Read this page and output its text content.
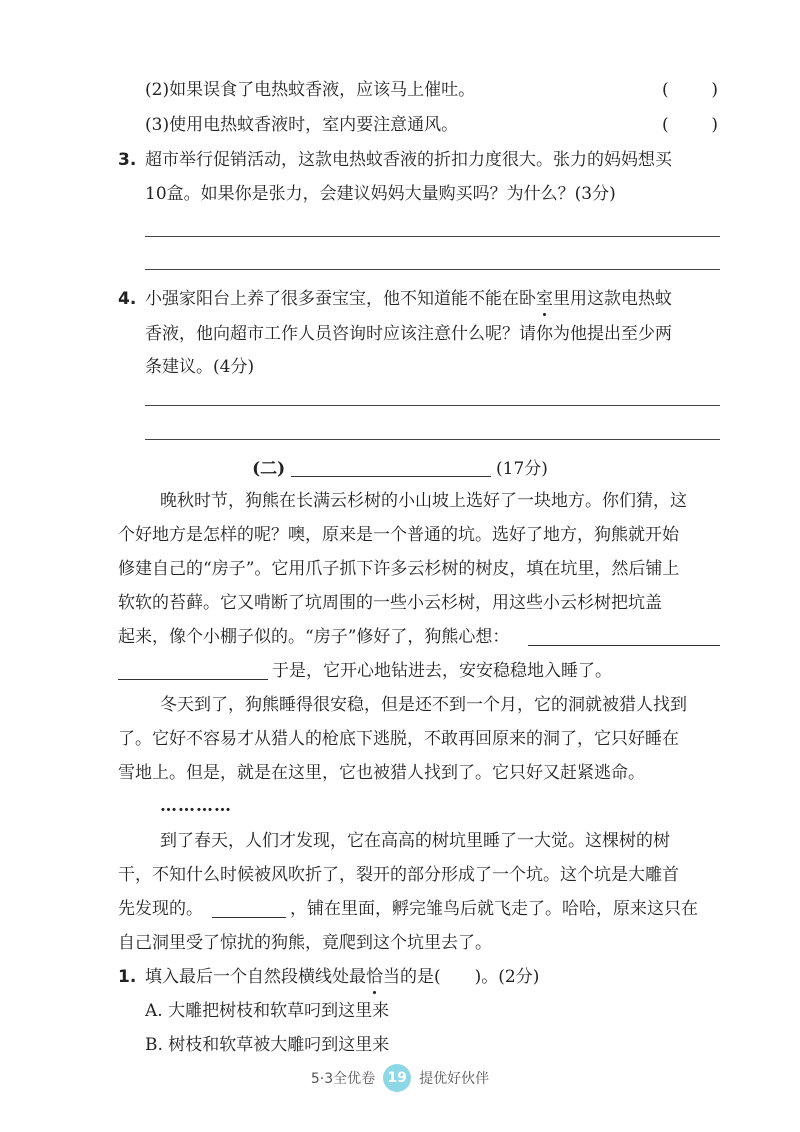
(2)如果误食了电热蚊香液，应该马上催吐。	(	)
(3)使用电热蚊香液时，室内要注意通风。	(	)
3. 超市举行促销活动，这款电热蚊香液的折扣力度很大。张力的妈妈想买
10盒。如果你是张力，会建议妈妈大量购买吗？为什么？(3分)
4. 小强家阳台上养了很多蚕宝宝，他不知道能不能在卧室里用这款电热蚊
香液，他向超市工作人员咨询时应该注意什么呢？请你为他提出至少两
条建议。(4分)
(二)	(17分)
晚秋时节，狗熊在长满云杉树的小山坡上选好了一块地方。你们猜，这
个好地方是怎样的呢？噢，原来是一个普通的坑。选好了地方，狗熊就开始
修建自己的“房子”。它用爪子抓下许多云杉树的树皮，填在坑里，然后铺上
软软的苔藓。它又啃断了坑周围的一些小云杉树，用这些小云杉树把坑盖
起来，像个小棚子似的。“房子”修好了，狗熊心想：
于是，它开心地钻进去，安安稳稳地入睡了。
冬天到了，狗熊睡得很安稳，但是还不到一个月，它的洞就被猎人找到
了。它好不容易才从猎人的枪底下逃脱，不敢再回原来的洞了，它只好睡在
雪地上。但是，就是在这里，它也被猎人找到了。它只好又赶紧逃命。
…………
到了春天，人们才发现，它在高高的树坑里睡了一大觉。这棵树的树
干，不知什么时候被风吹折了，裂开的部分形成了一个坑。这个坑是大雕首
先发现的。	，铺在里面，孵完雏鸟后就飞走了。哈哈，原来这只在
自己洞里受了惊扰的狗熊，竟爬到这个坑里去了。
1. 填入最后一个自然段横线处最恰当的是(　　)。(2分)
A. 大雕把树枝和软草叼到这里来
B. 树枝和软草被大雕叼到这里来
5·3全优卷 19 提优好伙伴
